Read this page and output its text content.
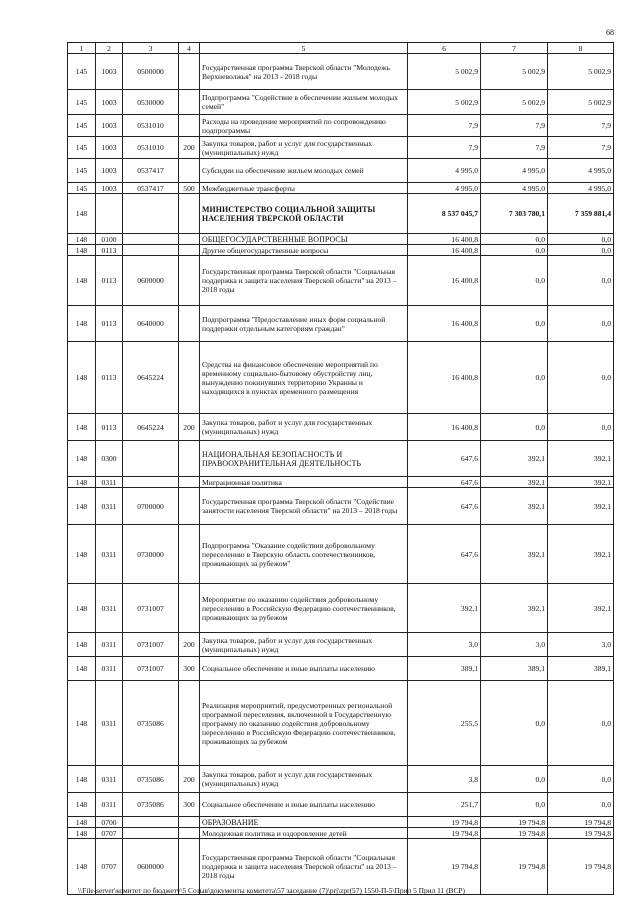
68
1	2	3	4	5	6	7	8
145	1003	0500000		Государственная программа Тверской области "Молодежь Верхневолжья" на 2013 - 2018 годы	5 002,9	5 002,9	5 002,9
145	1003	0530000		Подпрограмма "Содействие в обеспечении жильем молодых семей"	5 002,9	5 002,9	5 002,9
145	1003	0531010		Расходы на проведение мероприятий по сопровождению подпрограммы	7,9	7,9	7,9
145	1003	0531010	200	Закупка товаров, работ и услуг для государственных (муниципальных) нужд	7,9	7,9	7,9
145	1003	0537417		Субсидии на обеспечение жильем молодых семей	4 995,0	4 995,0	4 995,0
145	1003	0537417	500	Межбюджетные трансферты	4 995,0	4 995,0	4 995,0
148				МИНИСТЕРСТВО СОЦИАЛЬНОЙ ЗАЩИТЫ НАСЕЛЕНИЯ ТВЕРСКОЙ ОБЛАСТИ	8 537 045,7	7 303 780,1	7 359 881,4
148	0100			ОБЩЕГОСУДАРСТВЕННЫЕ ВОПРОСЫ	16 400,8	0,0	0,0
148	0113			Другие общегосударственные вопросы	16 400,8	0,0	0,0
148	0113	0600000		Государственная программа Тверской области "Социальная поддержка и защита населения Тверской области" на 2013 – 2018 годы	16 400,8	0,0	0,0
148	0113	0640000		Подпрограмма "Предоставление иных форм социальной поддержки отдельным категориям граждан"	16 400,8	0,0	0,0
148	0113	0645224		Средства на финансовое обеспечение мероприятий по временному социально-бытовому обустройству лиц, вынужденно покинувших территорию Украины и находящихся в пунктах временного размещения	16 400,8	0,0	0,0
148	0113	0645224	200	Закупка товаров, работ и услуг для государственных (муниципальных) нужд	16 400,8	0,0	0,0
148	0300			НАЦИОНАЛЬНАЯ БЕЗОПАСНОСТЬ И ПРАВООХРАНИТЕЛЬНАЯ ДЕЯТЕЛЬНОСТЬ	647,6	392,1	392,1
148	0311			Миграционная политика	647,6	392,1	392,1
148	0311	0700000		Государственная программа Тверской области "Содействие занятости населения Тверской области" на 2013 – 2018 годы	647,6	392,1	392,1
148	0311	0730000		Подпрограмма "Оказание содействия добровольному переселению в Тверскую область соотечественников, проживающих за рубежом"	647,6	392,1	392,1
148	0311	0731007		Мероприятие по оказанию содействия добровольному переселению в Российскую Федерацию соотечественников, проживающих за рубежом	392,1	392,1	392,1
148	0311	0731007	200	Закупка товаров, работ и услуг для государственных (муниципальных) нужд	3,0	3,0	3,0
148	0311	0731007	300	Социальное обеспечение и иные выплаты населению	389,1	389,1	389,1
148	0311	0735086		Реализация мероприятий, предусмотренных региональной программой переселения, включенной в Государственную программу по оказанию содействия добровольному переселению в Российскую Федерацию соотечественников, проживающих за рубежом	255,5	0,0	0,0
148	0311	0735086	200	Закупка товаров, работ и услуг для государственных (муниципальных) нужд	3,8	0,0	0,0
148	0311	0735086	300	Социальное обеспечение и иные выплаты населению	251,7	0,0	0,0
148	0700			ОБРАЗОВАНИЕ	19 794,8	19 794,8	19 794,8
148	0707			Молодежная политика и оздоровление детей	19 794,8	19 794,8	19 794,8
148	0707	0600000		Государственная программа Тверской области "Социальная поддержка и защита населения Тверской области" на 2013 – 2018 годы	19 794,8	19 794,8	19 794,8
\\File-server\комитет по бюджету\5 Созыв\документы комитета\57 заседание (7)\prj\zpr(57) 1550-П-5\Прил 5 Прил 11 (ВСР)
